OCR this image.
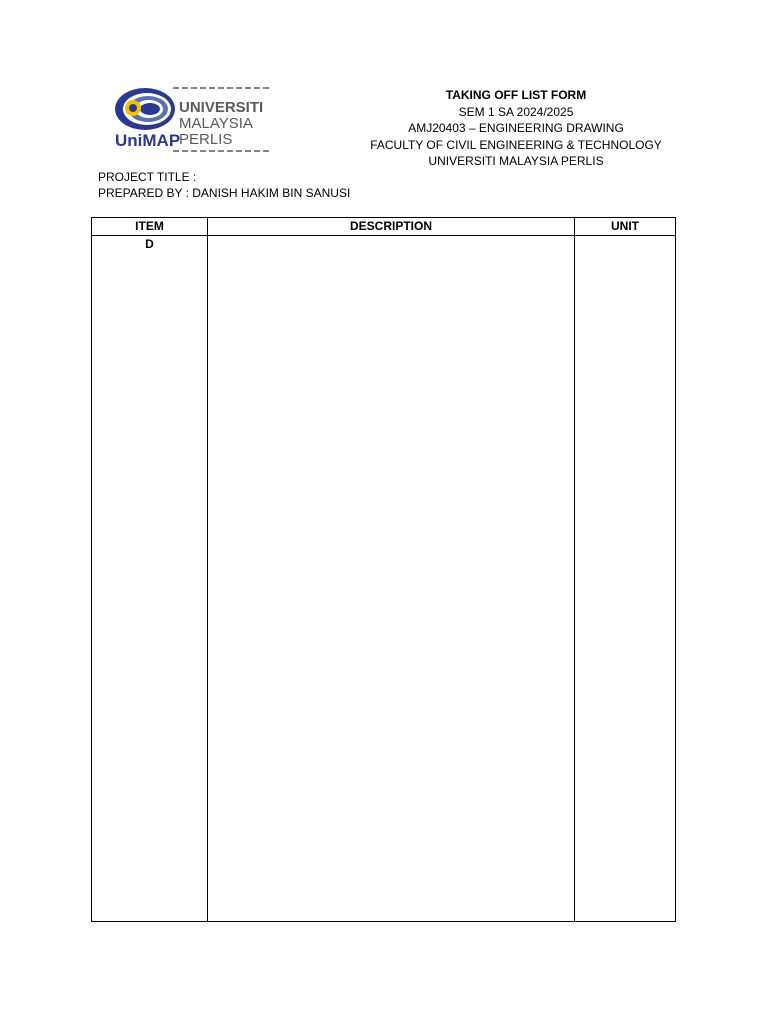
UniMAP
UNIVERSITI
MALAYSIA
PERLIS
TAKING OFF LIST FORM
SEM 1 SA 2024/2025
AMJ20403 – ENGINEERING DRAWING
FACULTY OF CIVIL ENGINEERING & TECHNOLOGY
UNIVERSITI MALAYSIA PERLIS
PROJECT TITLE :
PREPARED BY : DANISH HAKIM BIN SANUSI
ITEM	DESCRIPTION	UNIT
D
